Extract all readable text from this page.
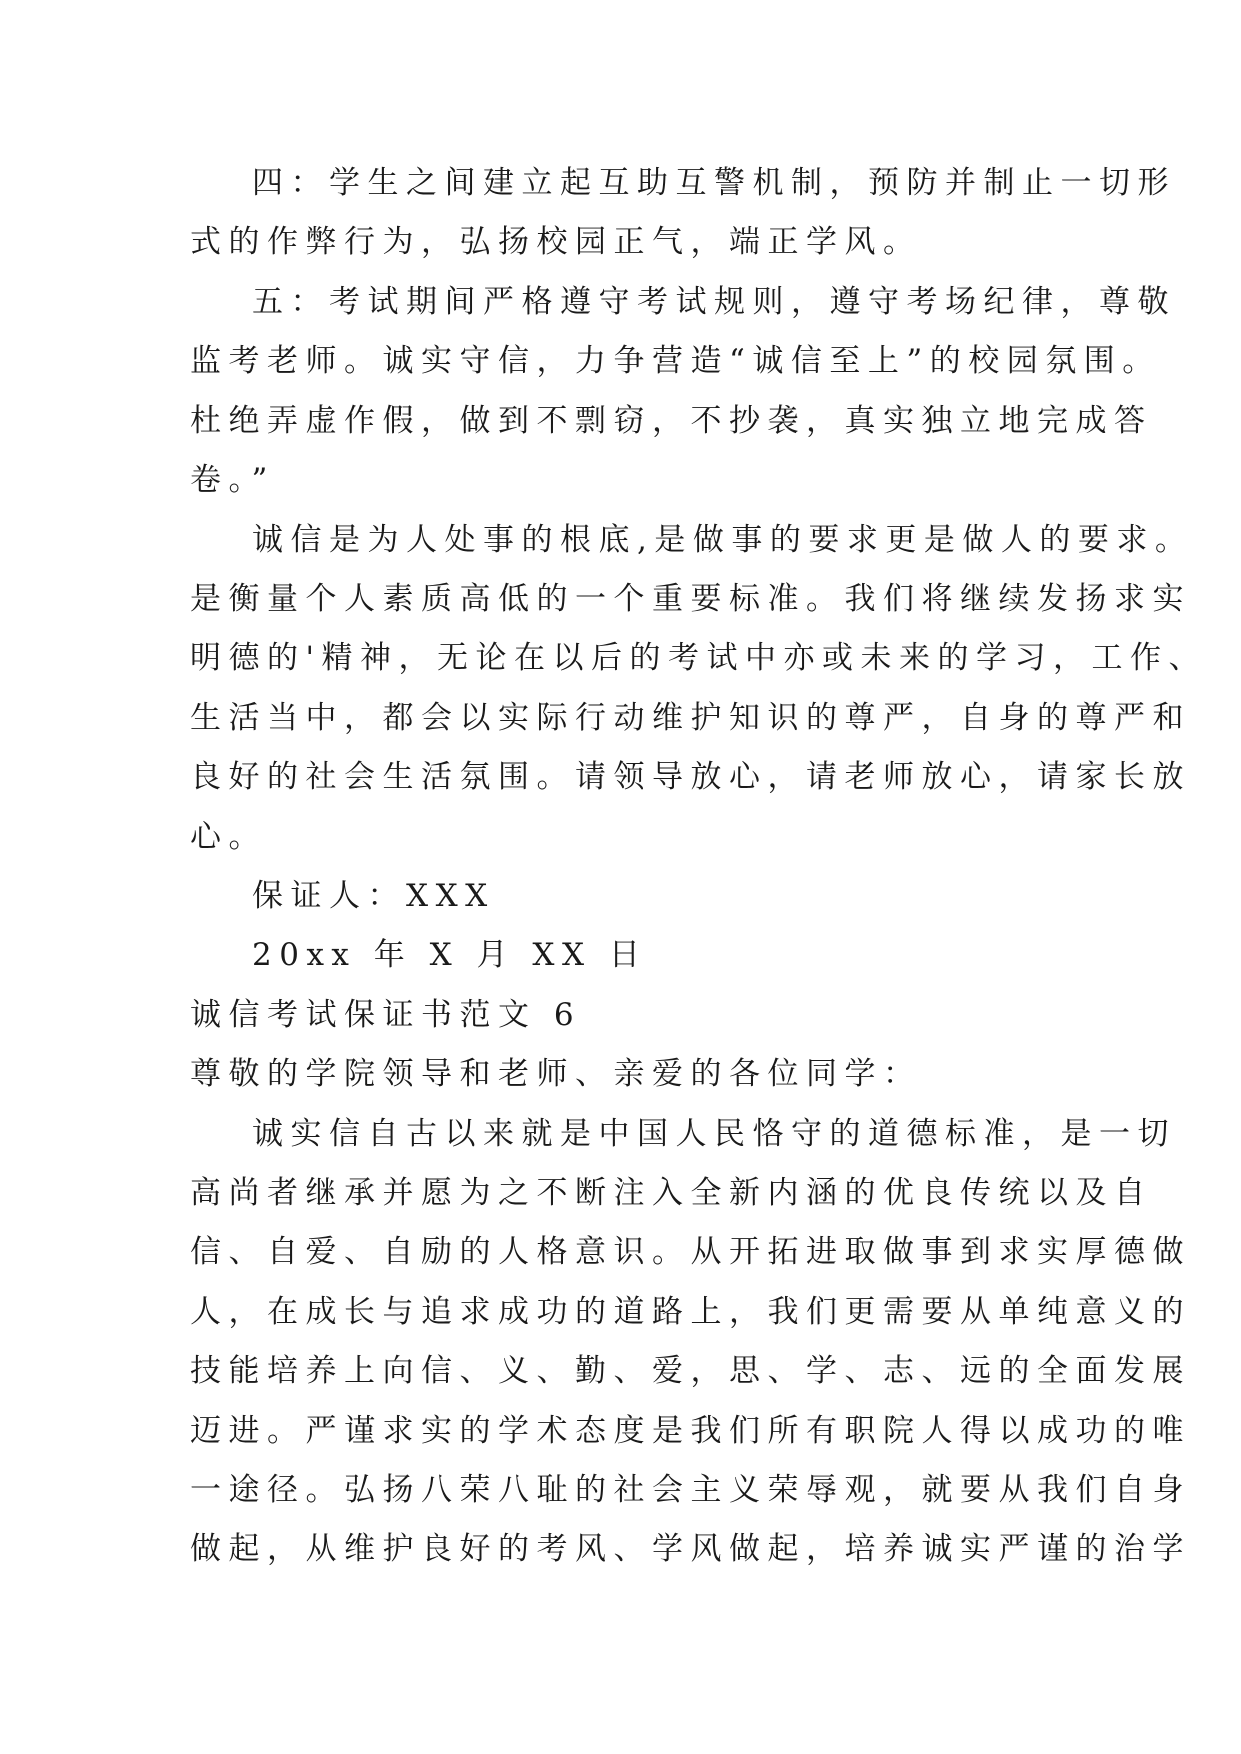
四：学生之间建立起互助互警机制，预防并制止一切形
式的作弊行为，弘扬校园正气，端正学风。
五：考试期间严格遵守考试规则，遵守考场纪律，尊敬
监考老师。诚实守信，力争营造“诚信至上”的校园氛围。
杜绝弄虚作假，做到不剽窃，不抄袭，真实独立地完成答
卷。”
诚信是为人处事的根底,是做事的要求更是做人的要求。
是衡量个人素质高低的一个重要标准。我们将继续发扬求实
明德的'精神，无论在以后的考试中亦或未来的学习，工作、
生活当中，都会以实际行动维护知识的尊严，自身的尊严和
良好的社会生活氛围。请领导放心，请老师放心，请家长放
心。
保证人：XXX
20xx 年 X 月 XX 日
诚信考试保证书范文 6
尊敬的学院领导和老师、亲爱的各位同学：
诚实信自古以来就是中国人民恪守的道德标准，是一切
高尚者继承并愿为之不断注入全新内涵的优良传统以及自
信、自爱、自励的人格意识。从开拓进取做事到求实厚德做
人，在成长与追求成功的道路上，我们更需要从单纯意义的
技能培养上向信、义、勤、爱，思、学、志、远的全面发展
迈进。严谨求实的学术态度是我们所有职院人得以成功的唯
一途径。弘扬八荣八耻的社会主义荣辱观，就要从我们自身
做起，从维护良好的考风、学风做起，培养诚实严谨的治学
